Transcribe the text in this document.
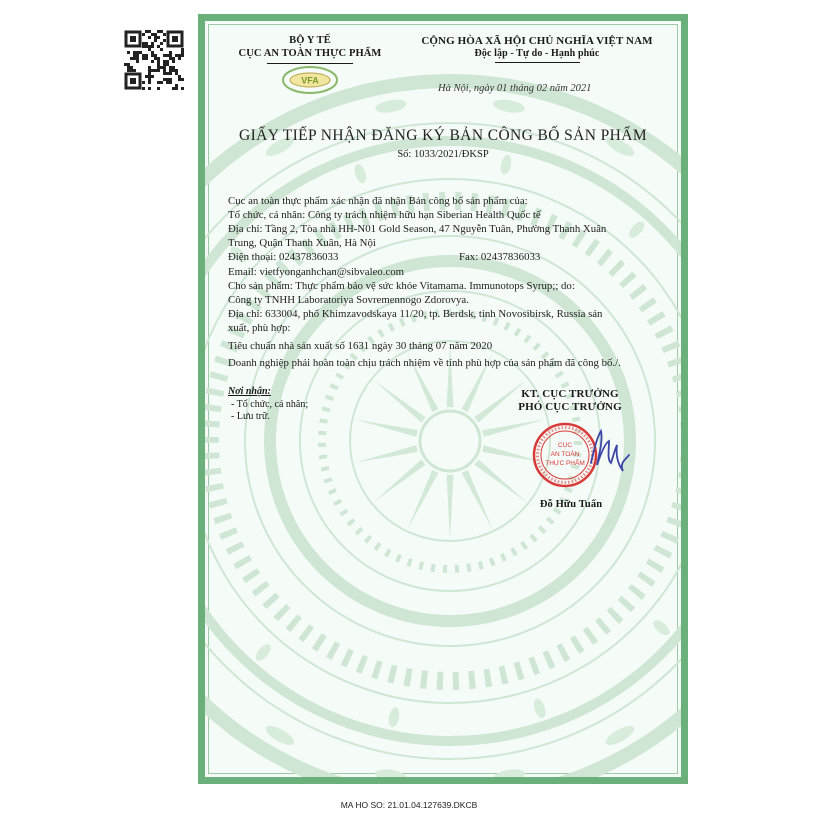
BỘ Y TẾ
CỤC AN TOÀN THỰC PHẨM
VFA
CỘNG HÒA XÃ HỘI CHỦ NGHĨA VIỆT NAM
Độc lập - Tự do - Hạnh phúc
Hà Nội, ngày 01 tháng 02 năm 2021
GIẤY TIẾP NHẬN ĐĂNG KÝ BẢN CÔNG BỐ SẢN PHẨM
Số: 1033/2021/ĐKSP
Cục an toàn thực phẩm xác nhận đã nhận Bản công bố sản phẩm của:
Tổ chức, cá nhân: Công ty trách nhiệm hữu hạn Siberian Health Quốc tế
Địa chỉ: Tầng 2, Tòa nhà HH-N01 Gold Season, 47 Nguyễn Tuân, Phường Thanh Xuân
Trung, Quận Thanh Xuân, Hà Nội
Điện thoại: 02437836033	Fax: 02437836033
Email: vietfyonganhchan@sibvaleo.com
Cho sản phẩm: Thực phẩm bảo vệ sức khỏe Vitamama. Immunotops Syrup;; do:
Công ty TNHH Laboratoriya Sovremennogo Zdorovya.
Địa chỉ: 633004, phố Khimzavodskaya 11/20, tp. Berdsk, tỉnh Novosibirsk, Russia sản
xuất, phù hợp:
Tiêu chuẩn nhà sản xuất số 1631 ngày 30 tháng 07 năm 2020
Doanh nghiệp phải hoàn toàn chịu trách nhiệm về tính phù hợp của sản phẩm đã công bố./.
Nơi nhận:
- Tổ chức, cá nhân;
- Lưu trữ.
KT. CỤC TRƯỞNG
PHÓ CỤC TRƯỞNG
CỤC
AN TOÀN
THỰC PHẨM
Đỗ Hữu Tuấn
MA HO SO: 21.01.04.127639.DKCB
